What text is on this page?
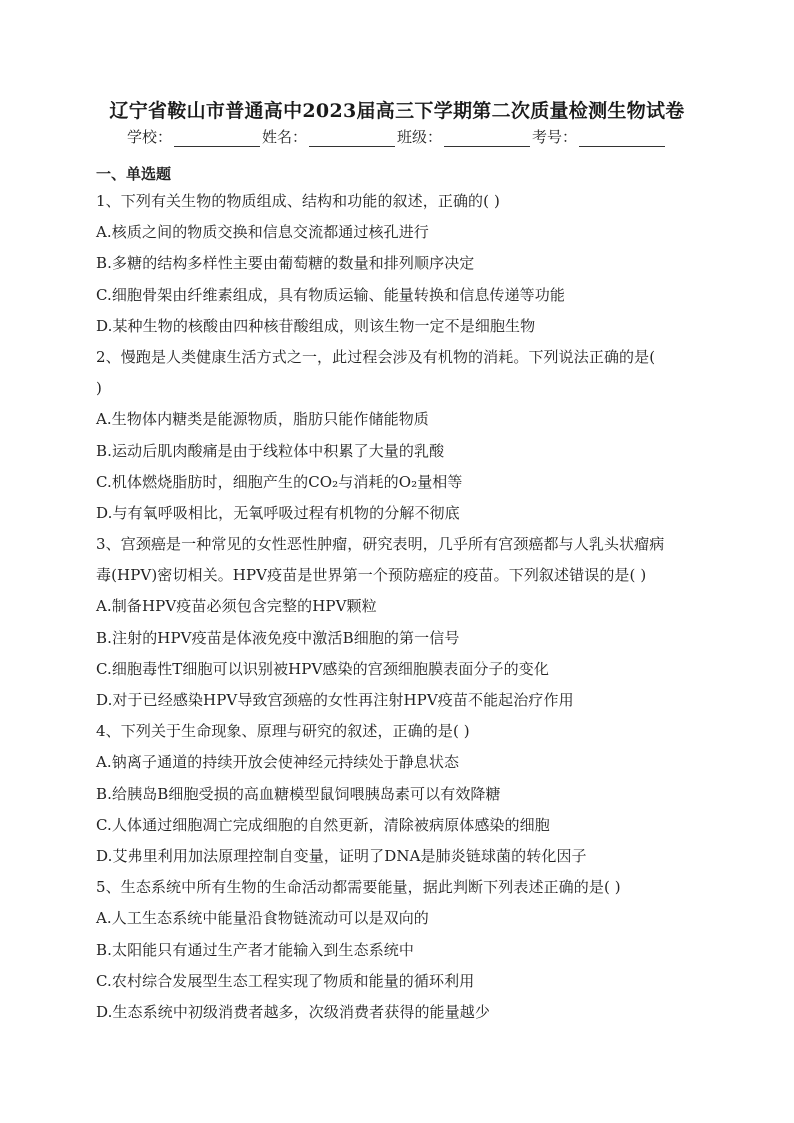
辽宁省鞍山市普通高中2023届高三下学期第二次质量检测生物试卷
学校：	姓名：	班级：	考号：
一、单选题
1、下列有关生物的物质组成、结构和功能的叙述，正确的( )
A.核质之间的物质交换和信息交流都通过核孔进行
B.多糖的结构多样性主要由葡萄糖的数量和排列顺序决定
C.细胞骨架由纤维素组成，具有物质运输、能量转换和信息传递等功能
D.某种生物的核酸由四种核苷酸组成，则该生物一定不是细胞生物
2、慢跑是人类健康生活方式之一，此过程会涉及有机物的消耗。下列说法正确的是(
)
A.生物体内糖类是能源物质，脂肪只能作储能物质
B.运动后肌肉酸痛是由于线粒体中积累了大量的乳酸
C.机体燃烧脂肪时，细胞产生的CO₂与消耗的O₂量相等
D.与有氧呼吸相比，无氧呼吸过程有机物的分解不彻底
3、宫颈癌是一种常见的女性恶性肿瘤，研究表明，几乎所有宫颈癌都与人乳头状瘤病
毒(HPV)密切相关。HPV疫苗是世界第一个预防癌症的疫苗。下列叙述错误的是( )
A.制备HPV疫苗必须包含完整的HPV颗粒
B.注射的HPV疫苗是体液免疫中激活B细胞的第一信号
C.细胞毒性T细胞可以识别被HPV感染的宫颈细胞膜表面分子的变化
D.对于已经感染HPV导致宫颈癌的女性再注射HPV疫苗不能起治疗作用
4、下列关于生命现象、原理与研究的叙述，正确的是( )
A.钠离子通道的持续开放会使神经元持续处于静息状态
B.给胰岛B细胞受损的高血糖模型鼠饲喂胰岛素可以有效降糖
C.人体通过细胞凋亡完成细胞的自然更新，清除被病原体感染的细胞
D.艾弗里利用加法原理控制自变量，证明了DNA是肺炎链球菌的转化因子
5、生态系统中所有生物的生命活动都需要能量，据此判断下列表述正确的是( )
A.人工生态系统中能量沿食物链流动可以是双向的
B.太阳能只有通过生产者才能输入到生态系统中
C.农村综合发展型生态工程实现了物质和能量的循环利用
D.生态系统中初级消费者越多，次级消费者获得的能量越少
